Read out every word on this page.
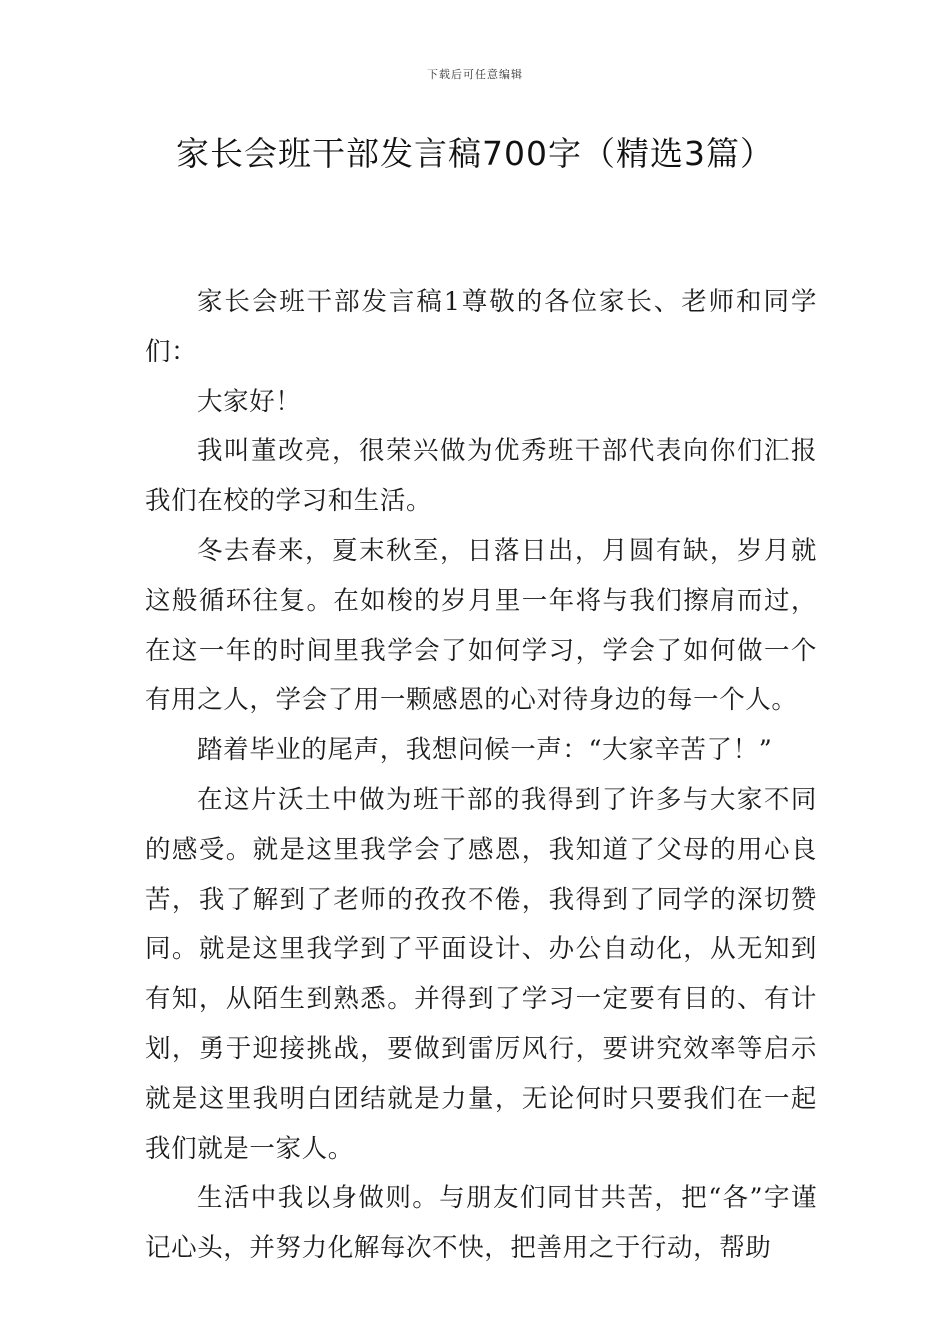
下载后可任意编辑
家长会班干部发言稿700字（精选3篇）

家长会班干部发言稿1尊敬的各位家长、老师和同学们：

大家好！

我叫董改亮，很荣兴做为优秀班干部代表向你们汇报我们在校的学习和生活。

冬去春来，夏末秋至，日落日出，月圆有缺，岁月就这般循环往复。在如梭的岁月里一年将与我们擦肩而过，在这一年的时间里我学会了如何学习，学会了如何做一个有用之人，学会了用一颗感恩的心对待身边的每一个人。

踏着毕业的尾声，我想问候一声：“大家辛苦了！”

在这片沃土中做为班干部的我得到了许多与大家不同的感受。就是这里我学会了感恩，我知道了父母的用心良苦，我了解到了老师的孜孜不倦，我得到了同学的深切赞同。就是这里我学到了平面设计、办公自动化，从无知到有知，从陌生到熟悉。并得到了学习一定要有目的、有计划，勇于迎接挑战，要做到雷厉风行，要讲究效率等启示就是这里我明白团结就是力量，无论何时只要我们在一起我们就是一家人。

生活中我以身做则。与朋友们同甘共苦，把“各”字谨记心头，并努力化解每次不快，把善用之于行动，帮助
